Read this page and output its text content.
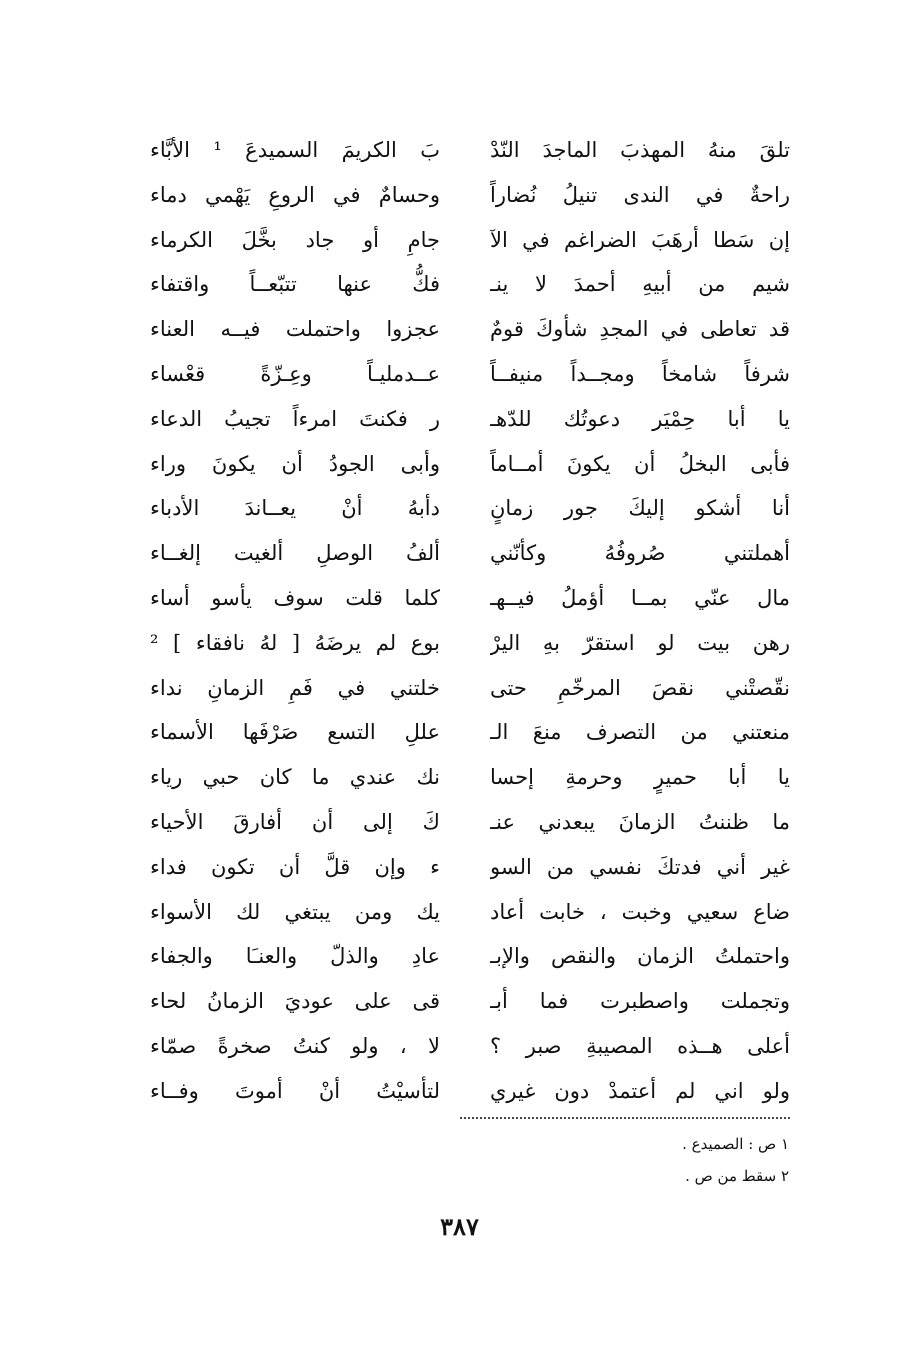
تلقَ منهُ المهذبَ الماجدَ النّدْ
بَ الكريمَ السميدعَ ¹ الأبَّاء
راحةٌ في الندى تنيلُ نُضاراً
وحسامٌ في الروعِ يَهْمي دماء
إن سَطا أرهَبَ الضراغم في الآ
جامِ أو جاد بخَّلَ الكرماء
شيم من أبيهِ أحمدَ لا ينـ
فكُّ عنها تتبّعــاً واقتفاء
قد تعاطى في المجدِ شأوكَ قومٌ
عجزوا واحتملت فيــه العناء
شرفاً شامخاً ومجــداً منيفــاً
عــدمليـاً وعِـزّةً قعْساء
يا أبا حِمْيَر دعوتُك للدّهـ
ر فكنتَ امرءاً تجيبُ الدعاء
فأبى البخلُ أن يكونَ أمــاماً
وأبى الجودُ أن يكونَ وراء
أنا أشكو إليكَ جور زمانٍ
دأبهُ أنْ يعــاندَ الأدباء
أهملتني صُروفُهُ وكأنّني
ألفُ الوصلِ ألغيت إلغــاء
مال عنّي بمــا أؤملُ فيــهـ
كلما قلت سوف يأسو أساء
رهن بيت لو استقرّ بهِ اليرْ
بوع لم يرضَهُ [ لهُ نافقاء ] ²
نقّصتْني نقصَ المرخّمِ حتى
خلتني في فَمِ الزمانِ نداء
منعتني من التصرف منعَ الـ
عللِ التسع صَرْفَها الأسماء
يا أبا حميرٍ وحرمةِ إحسا
نك عندي ما كان حبي رياء
ما ظننتُ الزمانَ يبعدني عنـ
كَ إلى أن أفارقَ الأحياء
غير أني فدتكَ نفسي من السو
ء وإن قلَّ أن تكون فداء
ضاع سعيي وخبت ، خابت أعاد
يك ومن يبتغي لك الأسواء
واحتملتُ الزمان والنقص والإبـ
عادِ والذلّ والعنـَا والجفاء
وتجملت واصطبرت فما أبـ
قى على عوديَ الزمانُ لحاء
أعلى هــذه المصيبةِ صبر ؟
لا ، ولو كنتُ صخرةً صمّاء
ولو اني لم أعتمدْ دون غيري
لتأسيْتُ أنْ أموتَ وفــاء
١ ص : الصميدع .
٢ سقط من ص .
٣٨٧
